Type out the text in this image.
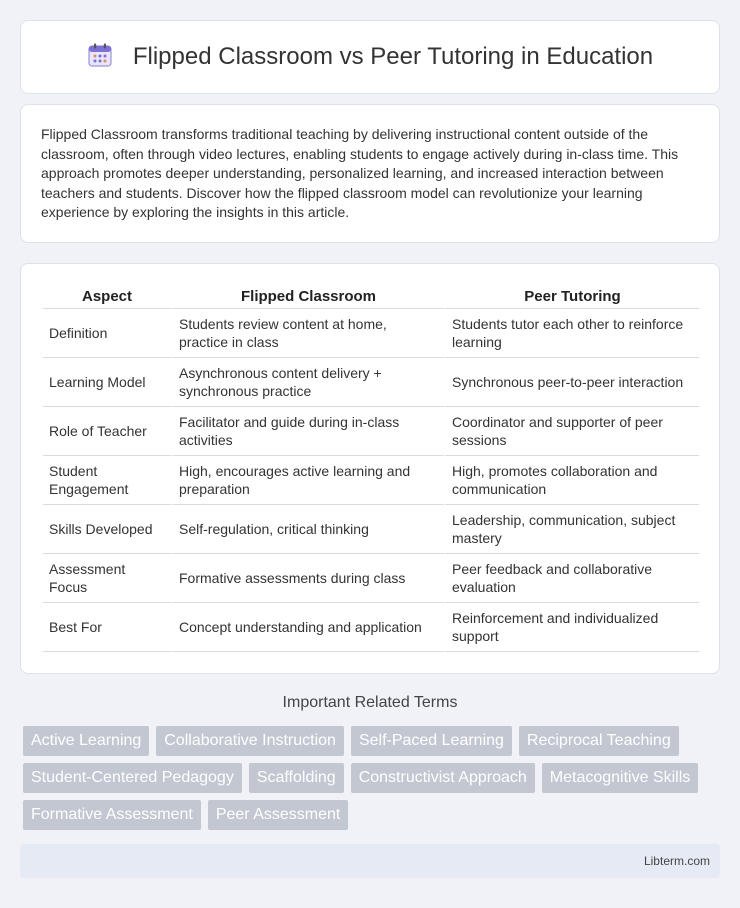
Flipped Classroom vs Peer Tutoring in Education

Flipped Classroom transforms traditional teaching by delivering instructional content outside of the classroom, often through video lectures, enabling students to engage actively during in-class time. This approach promotes deeper understanding, personalized learning, and increased interaction between teachers and students. Discover how the flipped classroom model can revolutionize your learning experience by exploring the insights in this article.

Aspect	Flipped Classroom	Peer Tutoring
Definition	Students review content at home, practice in class	Students tutor each other to reinforce learning
Learning Model	Asynchronous content delivery + synchronous practice	Synchronous peer-to-peer interaction
Role of Teacher	Facilitator and guide during in-class activities	Coordinator and supporter of peer sessions
Student Engagement	High, encourages active learning and preparation	High, promotes collaboration and communication
Skills Developed	Self-regulation, critical thinking	Leadership, communication, subject mastery
Assessment Focus	Formative assessments during class	Peer feedback and collaborative evaluation
Best For	Concept understanding and application	Reinforcement and individualized support
Important Related Terms
Active Learning	Collaborative Instruction	Self-Paced Learning	Reciprocal Teaching
Student-Centered Pedagogy	Scaffolding	Constructivist Approach	Metacognitive Skills
Formative Assessment	Peer Assessment
Libterm.com
